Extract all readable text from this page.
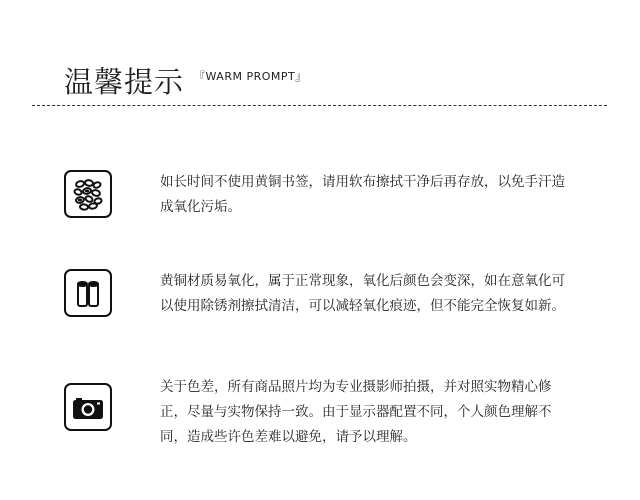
温馨提示 『WARM PROMPT』
如长时间不使用黄铜书签，请用软布擦拭干净后再存放，以免手汗造成氧化污垢。
黄铜材质易氧化，属于正常现象，氧化后颜色会变深，如在意氧化可以使用除锈剂擦拭清洁，可以减轻氧化痕迹，但不能完全恢复如新。
关于色差，所有商品照片均为专业摄影师拍摄，并对照实物精心修正，尽量与实物保持一致。由于显示器配置不同，个人颜色理解不同，造成些许色差难以避免，请予以理解。
